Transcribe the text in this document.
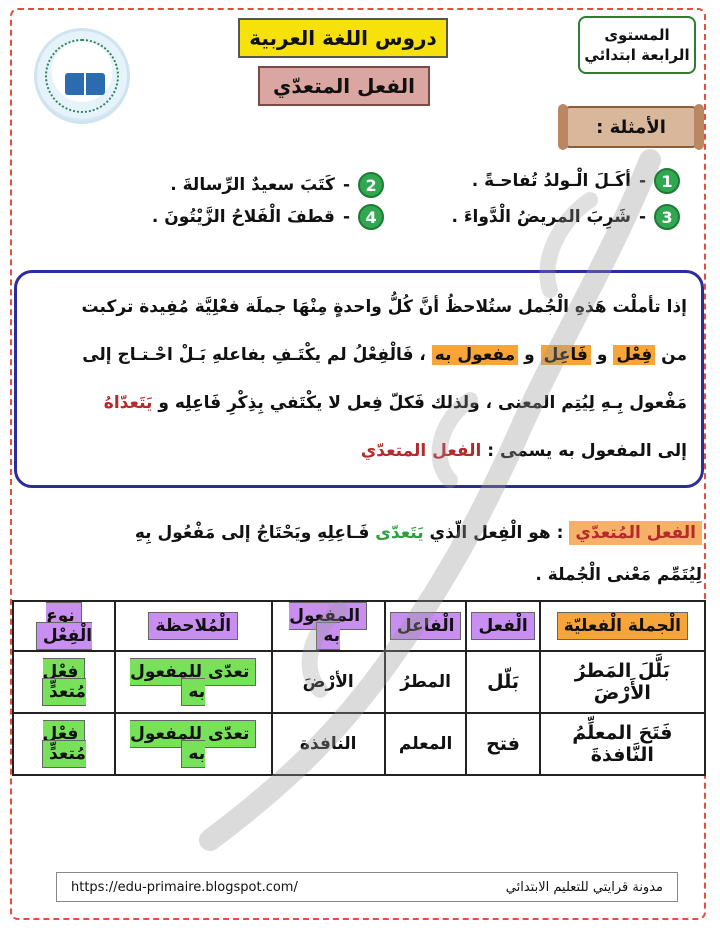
دروس اللغة العربية
الفعل المتعدّي
المستوى
الرابعة ابتدائي
الأمثلة :
1
-
أكَـلَ الْـولدُ تُفاحـةً .
2
-
كَتَبَ سعيدٌ الرِّسالةَ .
3
-
شَرِبَ المريضُ الْدَّواءَ .
4
-
قطفَ الْفَلاحُ الزَّيْتُونَ .
إذا تأملْت هَذهِ الْجُمل ستُلاحظُ أنَّ كُلُّ واحدةٍ مِنْهَا جملَة فعْلِيَّة مُفِيدة تركبت
من فِعْل و فَاعِل و مفعول به ، فَالْفِعْلُ لم يكْتَـفِ بفاعلهِ بَـلْ احْـتـاج إلى
مَفْعول بِـهِ لِيُتِم المعنى ، ولذلك فَكلّ فِعل لا يكْتَفي بِذِكْرِ فَاعِلِه و يَتَعدّاهُ
إلى المفعول به يسمى : الفعل المتعدّي
الفعل المُتعدّي : هو الْفِعل الّذي يَتَعدّى فَـاعِلِهِ ويَحْتَاجُ إلى مَفْعُول بِهِ
لِيُتَمِّم مَعْنى الْجُملة .
الْجملة الْفعليّة	الْفعل	الْفاعل	المفعول به	الْمُلاحظة	نوع الْفِعْل
بَلَّلَ المَطرُ الأَرْضَ	بَلّل	المطرُ	الأرْضَ	تعدّى للمفعول به	فِعْل مُتعدٍّ
فَتَحَ المعلِّمُ النَّافذةَ	فتح	المعلم	النافذة	تعدّى للمفعول به	فِعْل مُتعدٍّ
https://edu-primaire.blogspot.com/	مدونة قرايتي للتعليم الابتدائي
